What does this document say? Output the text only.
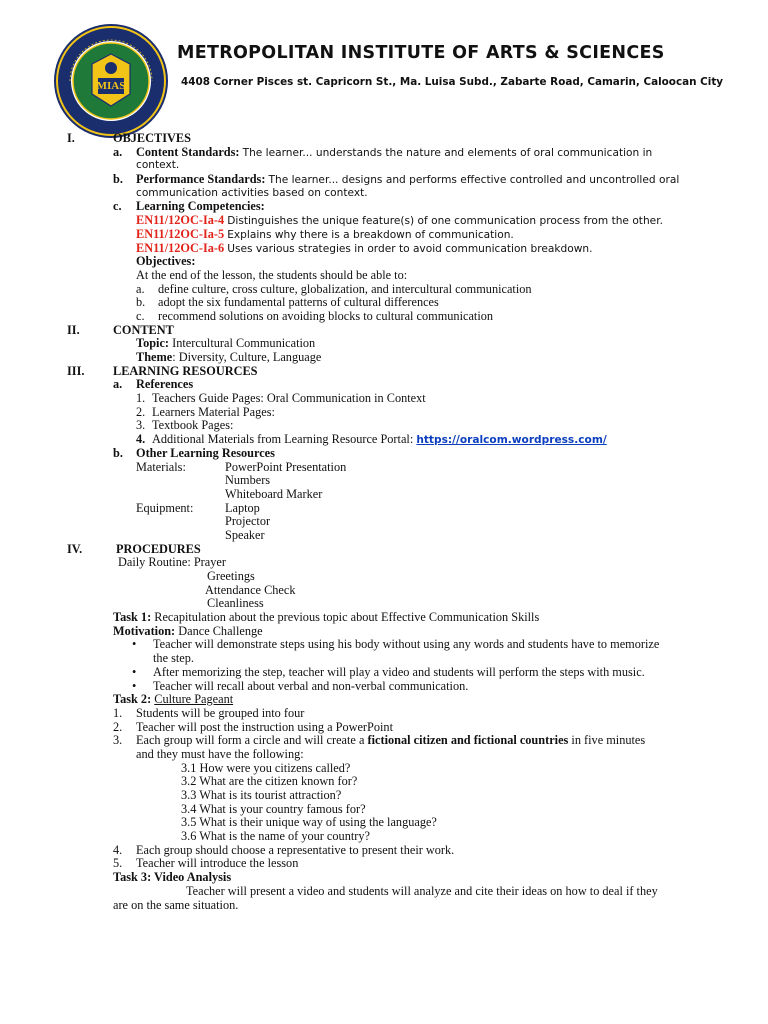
MIAS
METROPOLITAN INSTITUTE OF ARTS & SCIENCES
4408 Corner Pisces st. Capricorn St., Ma. Luisa Subd., Zabarte Road, Camarin, Caloocan City
I.	OBJECTIVES
a. Content Standards: The learner... understands the nature and elements of oral communication in
context.
b. Performance Standards: The learner... designs and performs effective controlled and uncontrolled oral
communication activities based on context.
c. Learning Competencies:
EN11/12OC-Ia-4 Distinguishes the unique feature(s) of one communication process from the other.
EN11/12OC-Ia-5 Explains why there is a breakdown of communication.
EN11/12OC-Ia-6 Uses various strategies in order to avoid communication breakdown.
Objectives:
At the end of the lesson, the students should be able to:
a. define culture, cross culture, globalization, and intercultural communication
b. adopt the six fundamental patterns of cultural differences
c. recommend solutions on avoiding blocks to cultural communication
II.	CONTENT
Topic: Intercultural Communication
Theme: Diversity, Culture, Language
III. LEARNING RESOURCES
a. References
1. Teachers Guide Pages: Oral Communication in Context
2. Learners Material Pages:
3. Textbook Pages:
4. Additional Materials from Learning Resource Portal: https://oralcom.wordpress.com/
b. Other Learning Resources
Materials:	PowerPoint Presentation
Numbers
Whiteboard Marker
Equipment:	Laptop
Projector
Speaker
IV.	PROCEDURES
Daily Routine: Prayer
Greetings
Attendance Check
Cleanliness
Task 1: Recapitulation about the previous topic about Effective Communication Skills
Motivation: Dance Challenge
• Teacher will demonstrate steps using his body without using any words and students have to memorize
the step.
• After memorizing the step, teacher will play a video and students will perform the steps with music.
• Teacher will recall about verbal and non-verbal communication.
Task 2: Culture Pageant
1. Students will be grouped into four
2. Teacher will post the instruction using a PowerPoint
3. Each group will form a circle and will create a fictional citizen and fictional countries in five minutes
and they must have the following:
3.1 How were you citizens called?
3.2 What are the citizen known for?
3.3 What is its tourist attraction?
3.4 What is your country famous for?
3.5 What is their unique way of using the language?
3.6 What is the name of your country?
4. Each group should choose a representative to present their work.
5. Teacher will introduce the lesson
Task 3: Video Analysis
Teacher will present a video and students will analyze and cite their ideas on how to deal if they
are on the same situation.
